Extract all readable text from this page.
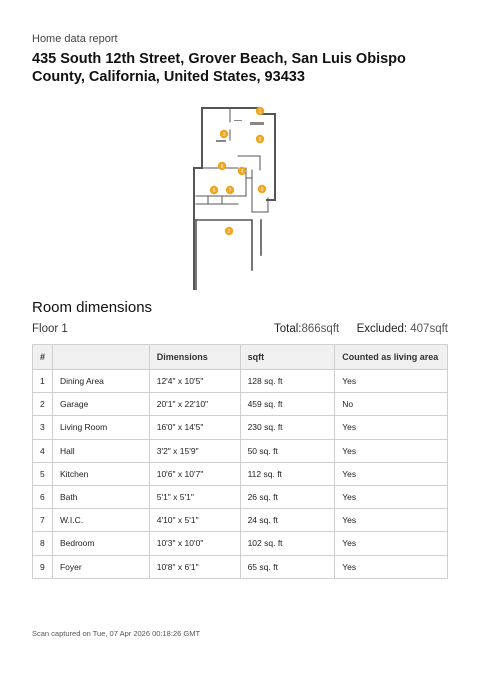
Home data report
435 South 12th Street, Grover Beach, San Luis Obispo County, California, United States, 93433
1
2
3
4
5
6	7
8
9
Room dimensions
Floor 1	Total:866sqft Excluded: 407sqft
#		Dimensions	sqft	Counted as living area
1	Dining Area	12'4" x 10'5"	128 sq. ft	Yes
2	Garage	20'1" x 22'10"	459 sq. ft	No
3	Living Room	16'0" x 14'5"	230 sq. ft	Yes
4	Hall	3'2" x 15'9"	50 sq. ft	Yes
5	Kitchen	10'6" x 10'7"	112 sq. ft	Yes
6	Bath	5'1" x 5'1"	26 sq. ft	Yes
7	W.I.C.	4'10" x 5'1"	24 sq. ft	Yes
8	Bedroom	10'3" x 10'0"	102 sq. ft	Yes
9	Foyer	10'8" x 6'1"	65 sq. ft	Yes
Scan captured on Tue, 07 Apr 2026 00:18:26 GMT
